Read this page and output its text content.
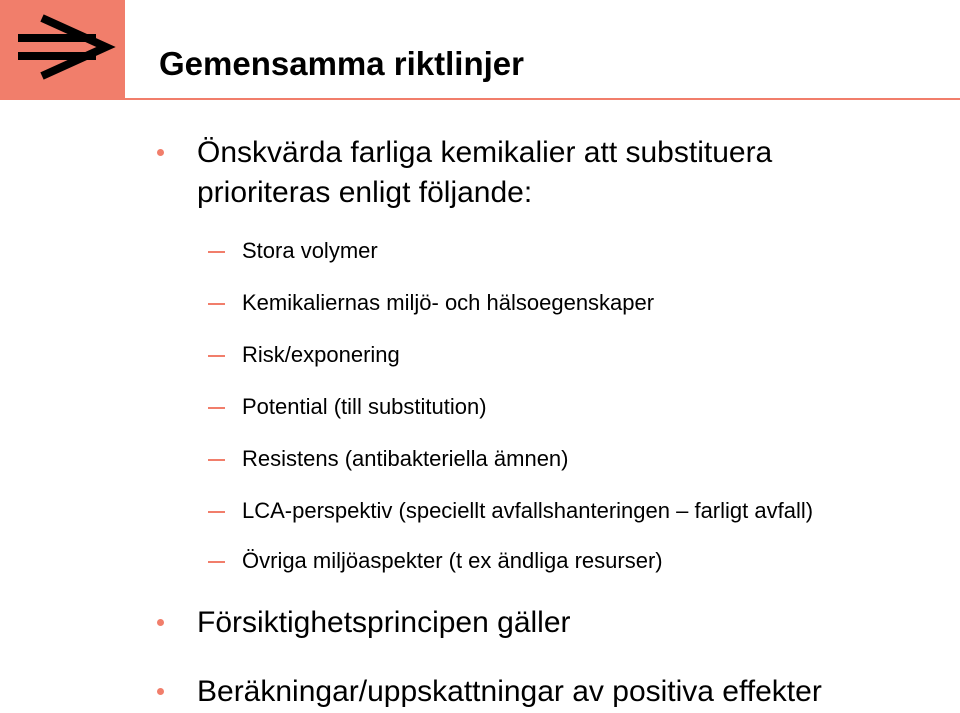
Gemensamma riktlinjer
Önskvärda farliga kemikalier att substituera
prioriteras enligt följande:
Stora volymer
Kemikaliernas miljö- och hälsoegenskaper
Risk/exponering
Potential (till substitution)
Resistens (antibakteriella ämnen)
LCA-perspektiv (speciellt avfallshanteringen – farligt avfall)
Övriga miljöaspekter (t ex ändliga resurser)
Försiktighetsprincipen gäller
Beräkningar/uppskattningar av positiva effekter
